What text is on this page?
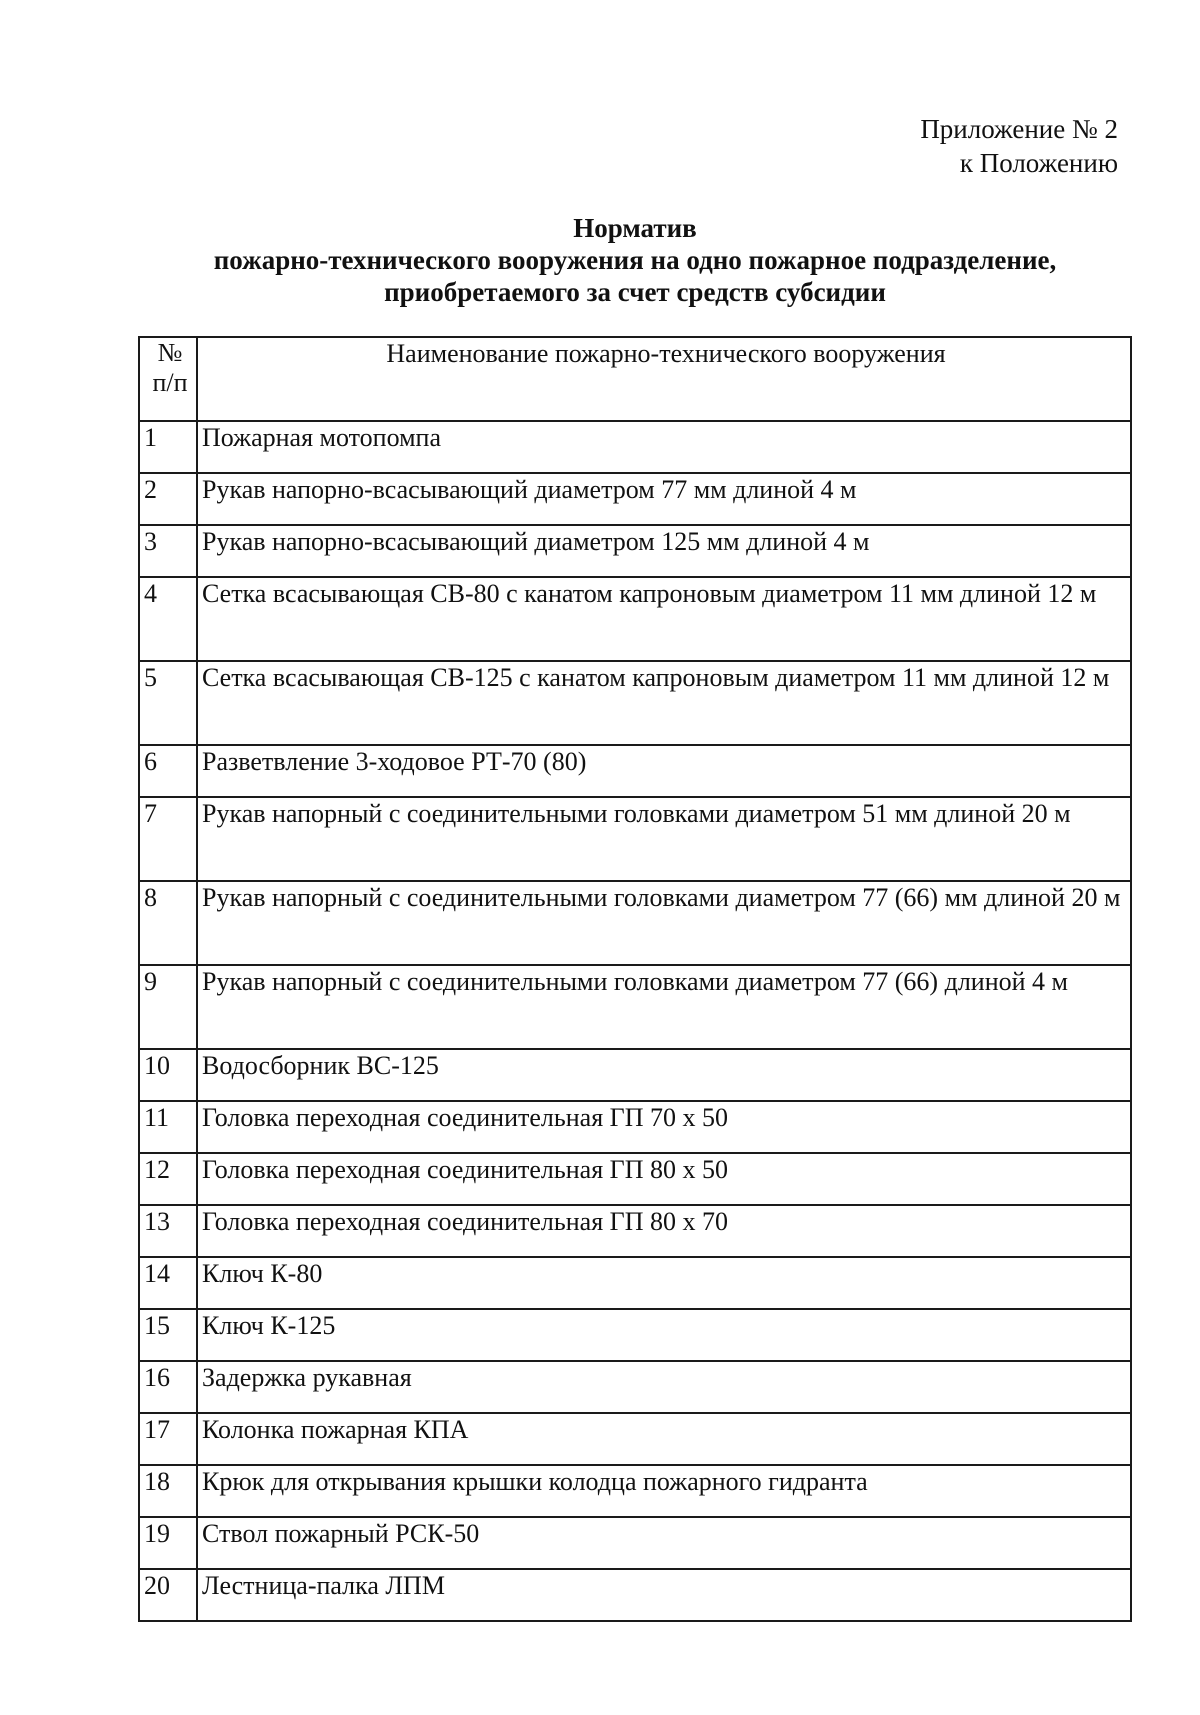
Приложение № 2
к Положению
Норматив
пожарно-технического вооружения на одно пожарное подразделение,
приобретаемого за счет средств субсидии
№
п/п	Наименование пожарно-технического вооружения
1	Пожарная мотопомпа
2	Рукав напорно-всасывающий диаметром 77 мм длиной 4 м
3	Рукав напорно-всасывающий диаметром 125 мм длиной 4 м
4	Сетка всасывающая СВ-80 с канатом капроновым диаметром 11 мм длиной 12 м
5	Сетка всасывающая СВ-125 с канатом капроновым диаметром 11 мм длиной 12 м
6	Разветвление 3-ходовое РТ-70 (80)
7	Рукав напорный с соединительными головками диаметром 51 мм длиной 20 м
8	Рукав напорный с соединительными головками диаметром 77 (66) мм длиной 20 м
9	Рукав напорный с соединительными головками диаметром 77 (66) длиной 4 м
10	Водосборник ВС-125
11	Головка переходная соединительная ГП 70 х 50
12	Головка переходная соединительная ГП 80 х 50
13	Головка переходная соединительная ГП 80 х 70
14	Ключ К-80
15	Ключ К-125
16	Задержка рукавная
17	Колонка пожарная КПА
18	Крюк для открывания крышки колодца пожарного гидранта
19	Ствол пожарный РСК-50
20	Лестница-палка ЛПМ
